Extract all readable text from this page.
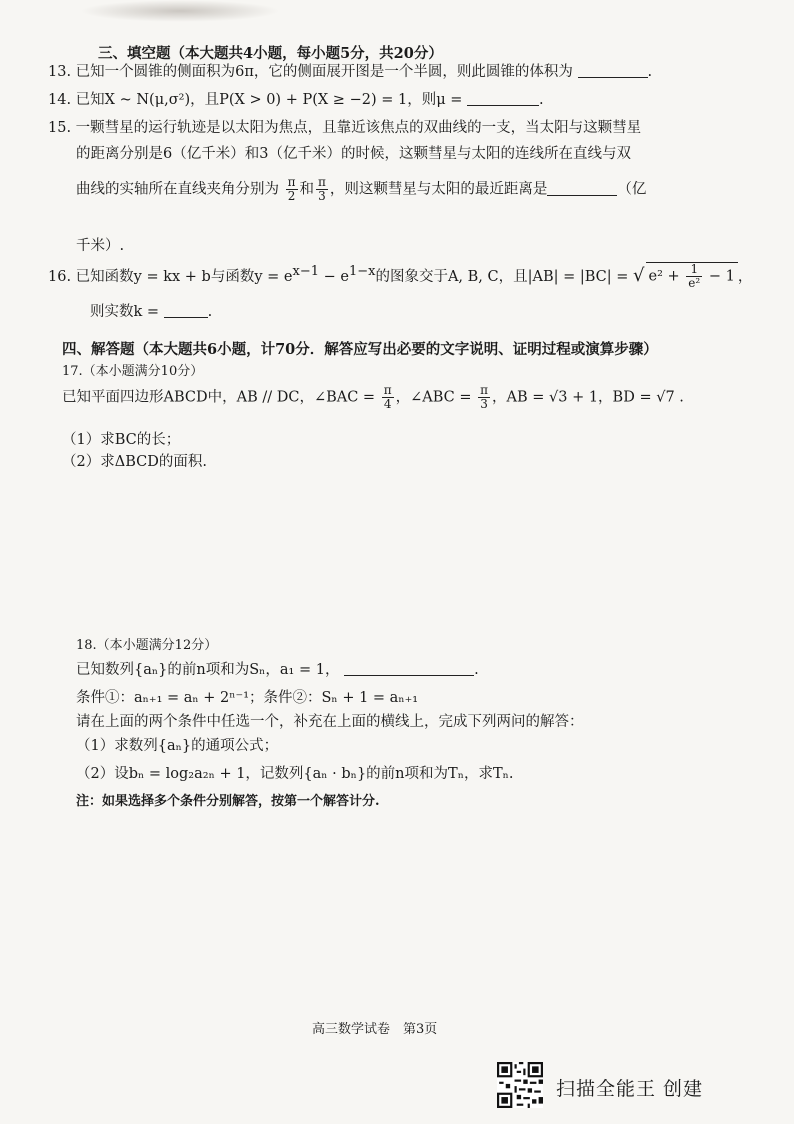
三、填空题（本大题共4小题，每小题5分，共20分）
13. 已知一个圆锥的侧面积为6π，它的侧面展开图是一个半圆，则此圆锥的体积为	.
14. 已知X ~ N(μ,σ²)，且P(X > 0) + P(X ≥ −2) = 1，则μ =	.
15. 一颗彗星的运行轨迹是以太阳为焦点，且靠近该焦点的双曲线的一支，当太阳与这颗彗星
的距离分别是6（亿千米）和3（亿千米）的时候，这颗彗星与太阳的连线所在直线与双
曲线的实轴所在直线夹角分别为 $\frac{\pi}{2}$ 和 $\frac{\pi}{3}$ ，则这颗彗星与太阳的最近距离是	（亿
千米）.
16. 已知函数y = kx + b与函数$y = e^{x-1} - e^{1-x}$的图象交于A, B, C，且|AB| = |BC| = √ $e^2 + \frac{1}{\text{e²}} - 1$ ，
则实数k =	.
四、解答题（本大题共6小题，计70分．解答应写出必要的文字说明、证明过程或演算步骤）
17.（本小题满分10分）
已知平面四边形ABCD中，AB // DC，∠BAC = $\frac{\pi}{4}$ ，∠ABC = $\frac{\pi}{3}$ ，AB = √3 + 1，BD = √7 .
（1）求BC的长；
（2）求ΔBCD的面积.
18.（本小题满分12分）
已知数列{aₙ}的前n项和为Sₙ，a₁ = 1，	.
条件①：aₙ₊₁ = aₙ + 2ⁿ⁻¹；条件②：Sₙ + 1 = aₙ₊₁
请在上面的两个条件中任选一个，补充在上面的横线上，完成下列两问的解答：
（1）求数列{aₙ}的通项公式；
（2）设bₙ = log₂a₂ₙ + 1，记数列{aₙ · bₙ}的前n项和为Tₙ，求Tₙ.
注：如果选择多个条件分别解答，按第一个解答计分.
高三数学试卷　第3页
扫描全能王 创建
